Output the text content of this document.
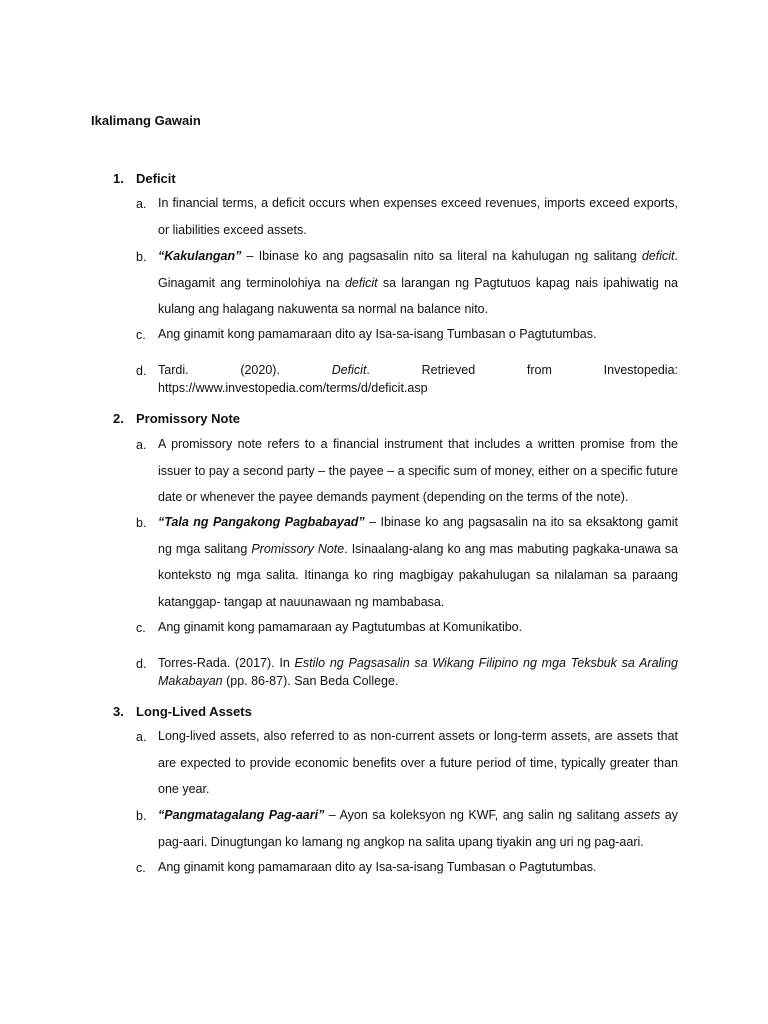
Ikalimang Gawain
1. Deficit
a. In financial terms, a deficit occurs when expenses exceed revenues, imports exceed exports, or liabilities exceed assets.
b. “Kakulangan” – Ibinase ko ang pagsasalin nito sa literal na kahulugan ng salitang deficit. Ginagamit ang terminolohiya na deficit sa larangan ng Pagtutuos kapag nais ipahiwatig na kulang ang halagang nakuwenta sa normal na balance nito.
c. Ang ginamit kong pamamaraan dito ay Isa-sa-isang Tumbasan o Pagtutumbas.
d. Tardi. (2020). Deficit. Retrieved from Investopedia: https://www.investopedia.com/terms/d/deficit.asp
2. Promissory Note
a. A promissory note refers to a financial instrument that includes a written promise from the issuer to pay a second party – the payee – a specific sum of money, either on a specific future date or whenever the payee demands payment (depending on the terms of the note).
b. “Tala ng Pangakong Pagbabayad” – Ibinase ko ang pagsasalin na ito sa eksaktong gamit ng mga salitang Promissory Note. Isinaalang-alang ko ang mas mabuting pagkaka-unawa sa konteksto ng mga salita. Itinanga ko ring magbigay pakahulugan sa nilalaman sa paraang katanggap- tangap at nauunawaan ng mambabasa.
c. Ang ginamit kong pamamaraan ay Pagtutumbas at Komunikatibo.
d. Torres-Rada. (2017). In Estilo ng Pagsasalin sa Wikang Filipino ng mga Teksbuk sa Araling Makabayan (pp. 86-87). San Beda College.
3. Long-Lived Assets
a. Long-lived assets, also referred to as non-current assets or long-term assets, are assets that are expected to provide economic benefits over a future period of time, typically greater than one year.
b. “Pangmatagalang Pag-aari” – Ayon sa koleksyon ng KWF, ang salin ng salitang assets ay pag-aari. Dinugtungan ko lamang ng angkop na salita upang tiyakin ang uri ng pag-aari.
c. Ang ginamit kong pamamaraan dito ay Isa-sa-isang Tumbasan o Pagtutumbas.
